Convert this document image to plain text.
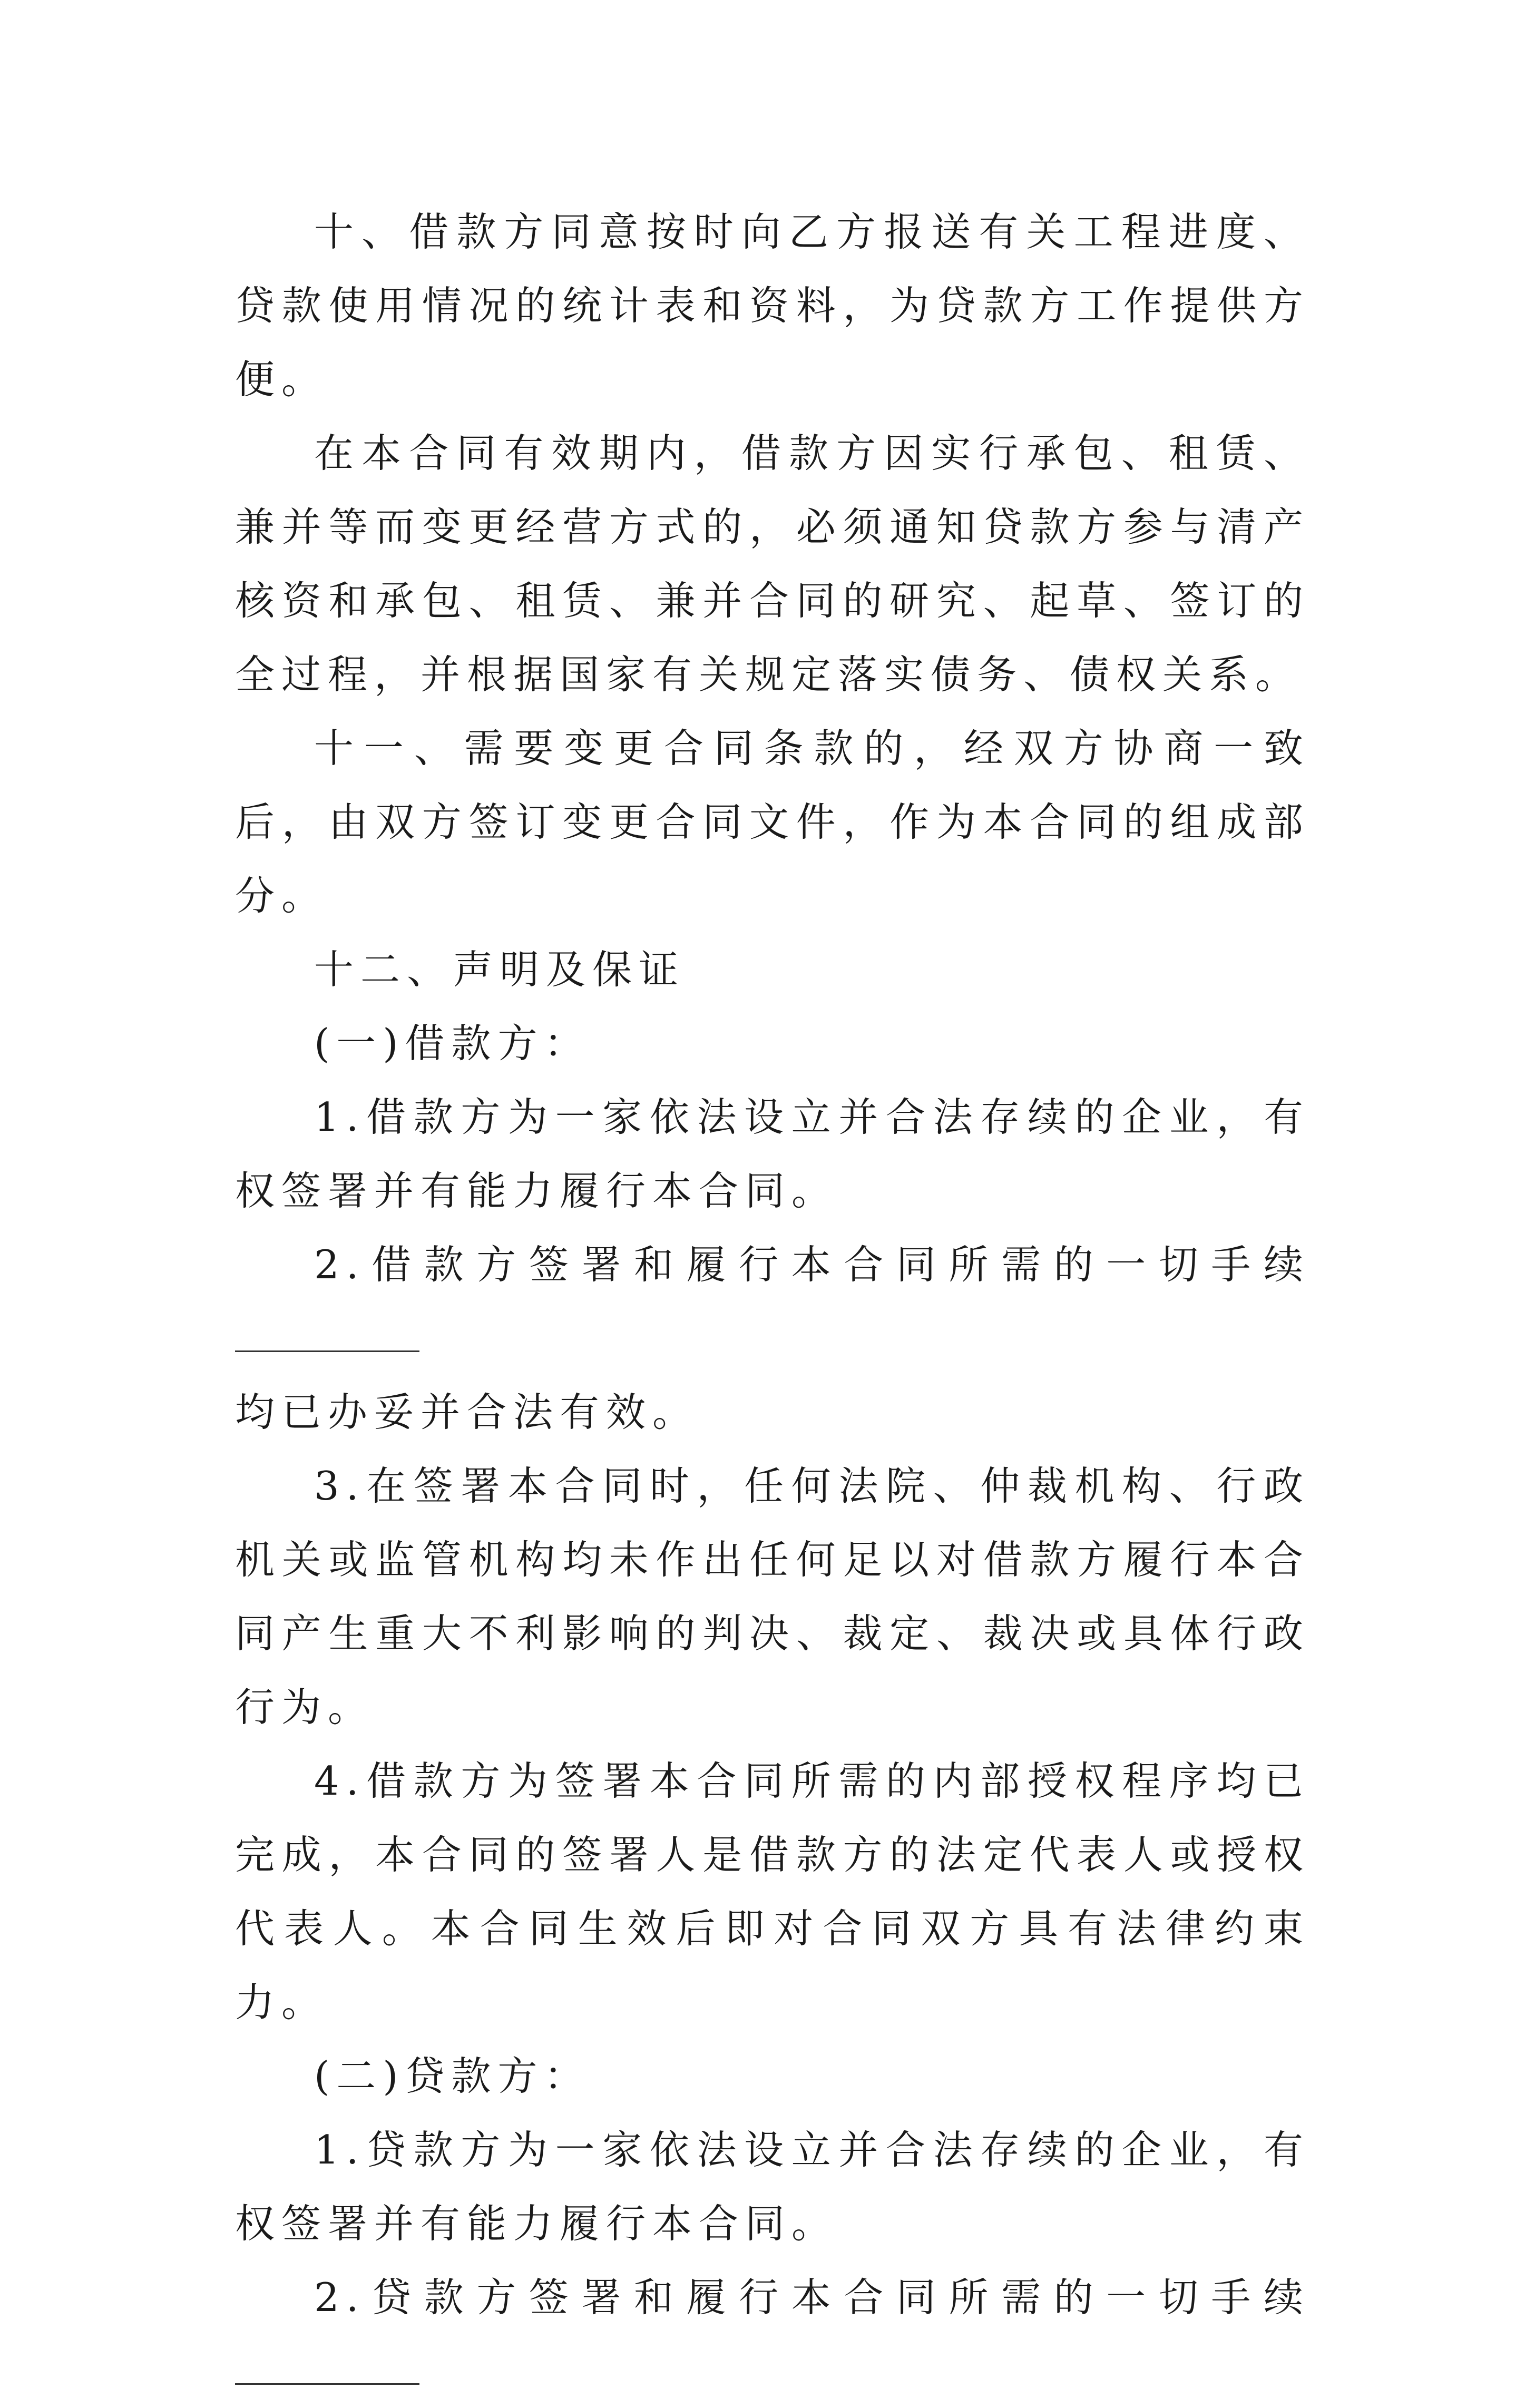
十、借款方同意按时向乙方报送有关工程进度、贷款使用情况的统计表和资料，为贷款方工作提供方便。

在本合同有效期内，借款方因实行承包、租赁、兼并等而变更经营方式的，必须通知贷款方参与清产核资和承包、租赁、兼并合同的研究、起草、签订的全过程，并根据国家有关规定落实债务、债权关系。

十一、需要变更合同条款的，经双方协商一致后，由双方签订变更合同文件，作为本合同的组成部分。

十二、声明及保证

(一)借款方：

1.借款方为一家依法设立并合法存续的企业，有权签署并有能力履行本合同。

2.借款方签署和履行本合同所需的一切手续

均已办妥并合法有效。

3.在签署本合同时，任何法院、仲裁机构、行政机关或监管机构均未作出任何足以对借款方履行本合同产生重大不利影响的判决、裁定、裁决或具体行政行为。

4.借款方为签署本合同所需的内部授权程序均已完成，本合同的签署人是借款方的法定代表人或授权代表人。本合同生效后即对合同双方具有法律约束力。

(二)贷款方：

1.贷款方为一家依法设立并合法存续的企业，有权签署并有能力履行本合同。

2.贷款方签署和履行本合同所需的一切手续
